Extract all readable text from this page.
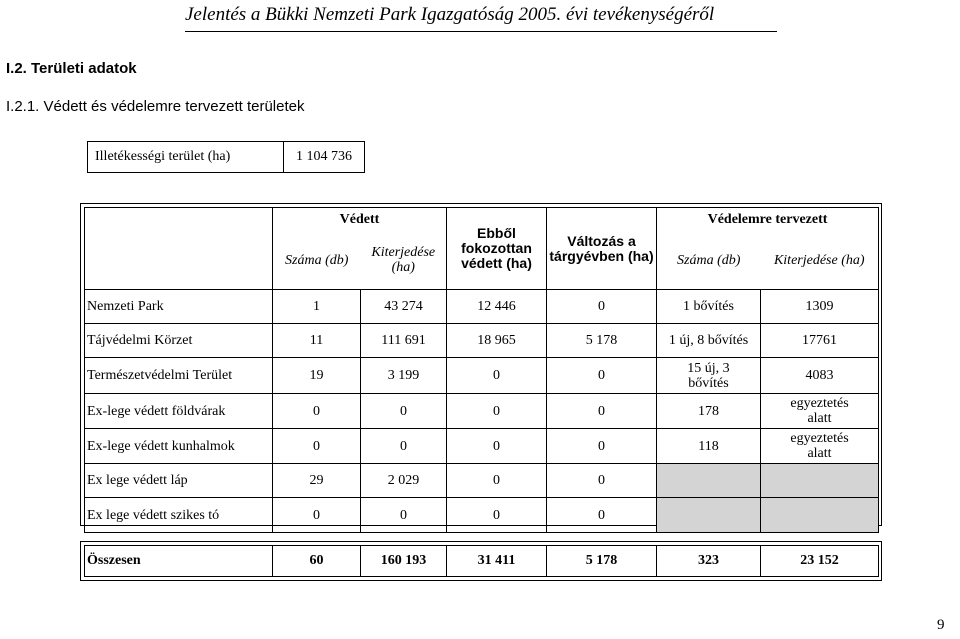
Jelentés a Bükki Nemzeti Park Igazgatóság 2005. évi tevékenységéről
I.2. Területi adatok
I.2.1. Védett és védelemre tervezett területek
Illetékességi terület (ha)	1 104 736
	Védett		Ebből fokozottan védett (ha)	Változás a tárgyévben (ha)	Védelemre tervezett	
	Száma (db)	Kiterjedése (ha)			Száma (db)	Kiterjedése (ha)
Nemzeti Park	1	43 274	12 446	0	1 bővítés	1309
Tájvédelmi Körzet	11	111 691	18 965	5 178	1 új, 8 bővítés	17761
Természetvédelmi Terület	19	3 199	0	0	15 új, 3 bővítés	4083
Ex-lege védett földvárak	0	0	0	0	178	egyeztetés alatt
Ex-lege védett kunhalmok	0	0	0	0	118	egyeztetés alatt
Ex lege védett láp	29	2 029	0	0		
Ex lege védett szikes tó	0	0	0	0		
Összesen	60	160 193	31 411	5 178	323	23 152
9
